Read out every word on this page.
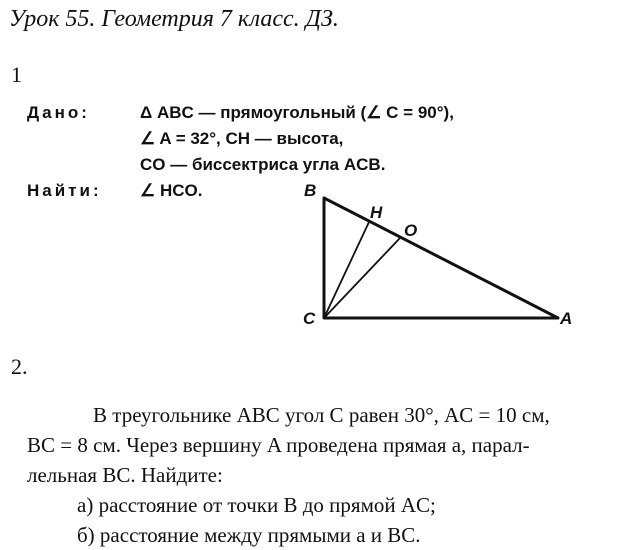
Урок 55. Геометрия 7 класс. ДЗ.
1
Дано:	Δ ABC — прямоугольный (∠ C = 90°),
∠ A = 32°, CH — высота,
CO — биссектриса угла ACB.
Найти: ∠ HCO.	B
H
O
C	A
2.
В треугольнике ABC угол C равен 30°, AC = 10 см,
BC = 8 см. Через вершину A проведена прямая a, парал-
лельная BC. Найдите:
а) расстояние от точки B до прямой AC;
б) расстояние между прямыми a и BC.
